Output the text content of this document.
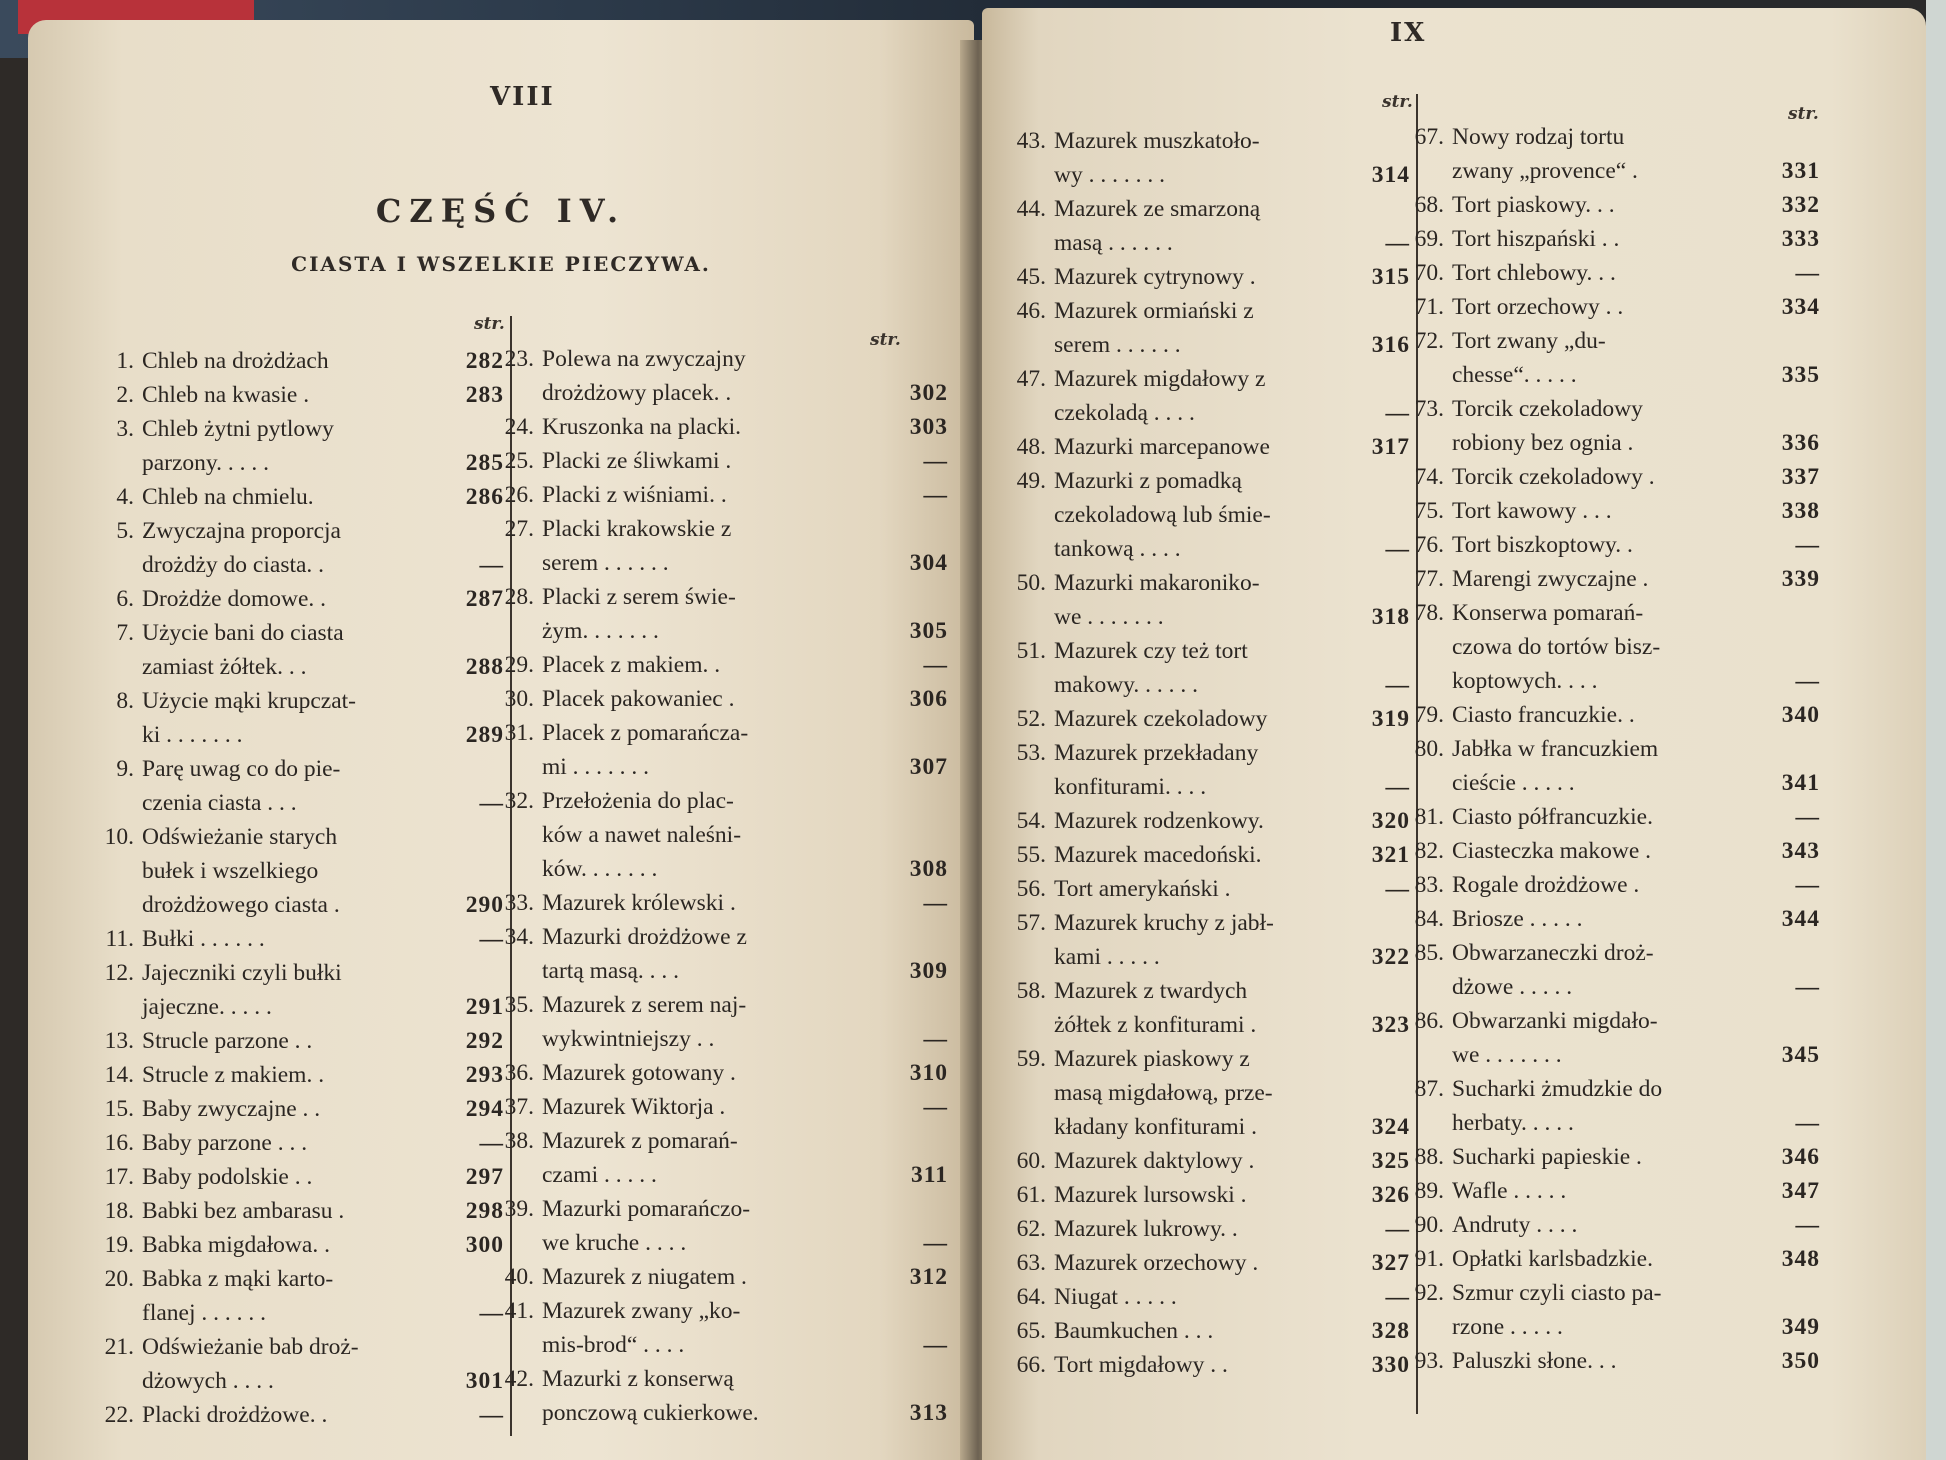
VIII
CZĘŚĆ IV.
CIASTA I WSZELKIE PIECZYWA.
str.
str.
1. Chleb na drożdżach	282
2. Chleb na kwasie .	283
3. Chleb żytni pytlowy
parzony. . . . .	285
4. Chleb na chmielu.	286
5. Zwyczajna proporcja
drożdży do ciasta. .	—
6. Drożdże domowe. .	287
7. Użycie bani do ciasta
zamiast żółtek. . .	288
8. Użycie mąki krupczat-
ki . . . . . . .	289
9. Parę uwag co do pie-
czenia ciasta . . .	—
10. Odświeżanie starych
bułek i wszelkiego
drożdżowego ciasta .	290
11. Bułki . . . . . .	—
12. Jajeczniki czyli bułki
jajeczne. . . . .	291
13. Strucle parzone . .	292
14. Strucle z makiem. .	293
15. Baby zwyczajne . .	294
16. Baby parzone . . .	—
17. Baby podolskie . .	297
18. Babki bez ambarasu .	298
19. Babka migdałowa. .	300
20. Babka z mąki karto-
flanej . . . . . .	—
21. Odświeżanie bab droż-
dżowych . . . .	301
22. Placki drożdżowe. .	—
23. Polewa na zwyczajny
drożdżowy placek. .	302
24. Kruszonka na placki.	303
25. Placki ze śliwkami .	—
26. Placki z wiśniami. .	—
27. Placki krakowskie z
serem . . . . . .	304
28. Placki z serem świe-
żym. . . . . . .	305
29. Placek z makiem. .	—
30. Placek pakowaniec .	306
31. Placek z pomarańcza-
mi . . . . . . .	307
32. Przełożenia do plac-
ków a nawet naleśni-
ków. . . . . . .	308
33. Mazurek królewski .	—
34. Mazurki drożdżowe z
tartą masą. . . .	309
35. Mazurek z serem naj-
wykwintniejszy . .	—
36. Mazurek gotowany .	310
37. Mazurek Wiktorja .	—
38. Mazurek z pomarań-
czami . . . . .	311
39. Mazurki pomarańczo-
we kruche . . . .	—
40. Mazurek z niugatem .	312
41. Mazurek zwany „ko-
mis-brod“ . . . .	—
42. Mazurki z konserwą
ponczową cukierkowe.	313
IX
str.
str.
43. Mazurek muszkatoło-
wy . . . . . . .	314
44. Mazurek ze smarzoną
masą . . . . . .	—
45. Mazurek cytrynowy .	315
46. Mazurek ormiański z
serem . . . . . .	316
47. Mazurek migdałowy z
czekoladą . . . .	—
48. Mazurki marcepanowe	317
49. Mazurki z pomadką
czekoladową lub śmie-
tankową . . . .	—
50. Mazurki makaroniko-
we . . . . . . .	318
51. Mazurek czy też tort
makowy. . . . . .	—
52. Mazurek czekoladowy	319
53. Mazurek przekładany
konfiturami. . . .	—
54. Mazurek rodzenkowy.	320
55. Mazurek macedoński.	321
56. Tort amerykański .	—
57. Mazurek kruchy z jabł-
kami . . . . .	322
58. Mazurek z twardych
żółtek z konfiturami .	323
59. Mazurek piaskowy z
masą migdałową, prze-
kładany konfiturami .	324
60. Mazurek daktylowy .	325
61. Mazurek lursowski .	326
62. Mazurek lukrowy. .	—
63. Mazurek orzechowy .	327
64. Niugat . . . . .	—
65. Baumkuchen . . .	328
66. Tort migdałowy . .	330
67. Nowy rodzaj tortu
zwany „provence“ .	331
68. Tort piaskowy. . .	332
69. Tort hiszpański . .	333
70. Tort chlebowy. . .	—
71. Tort orzechowy . .	334
72. Tort zwany „du-
chesse“. . . . .	335
73. Torcik czekoladowy
robiony bez ognia .	336
74. Torcik czekoladowy .	337
75. Tort kawowy . . .	338
76. Tort biszkoptowy. .	—
77. Marengi zwyczajne .	339
78. Konserwa pomarań-
czowa do tortów bisz-
koptowych. . . .	—
79. Ciasto francuzkie. .	340
80. Jabłka w francuzkiem
cieście . . . . .	341
81. Ciasto półfrancuzkie.	—
82. Ciasteczka makowe .	343
83. Rogale drożdżowe .	—
84. Briosze . . . . .	344
85. Obwarzaneczki droż-
dżowe . . . . .	—
86. Obwarzanki migdało-
we . . . . . . .	345
87. Sucharki żmudzkie do
herbaty. . . . .	—
88. Sucharki papieskie .	346
89. Wafle . . . . .	347
90. Andruty . . . .	—
91. Opłatki karlsbadzkie.	348
92. Szmur czyli ciasto pa-
rzone . . . . .	349
93. Paluszki słone. . .	350
